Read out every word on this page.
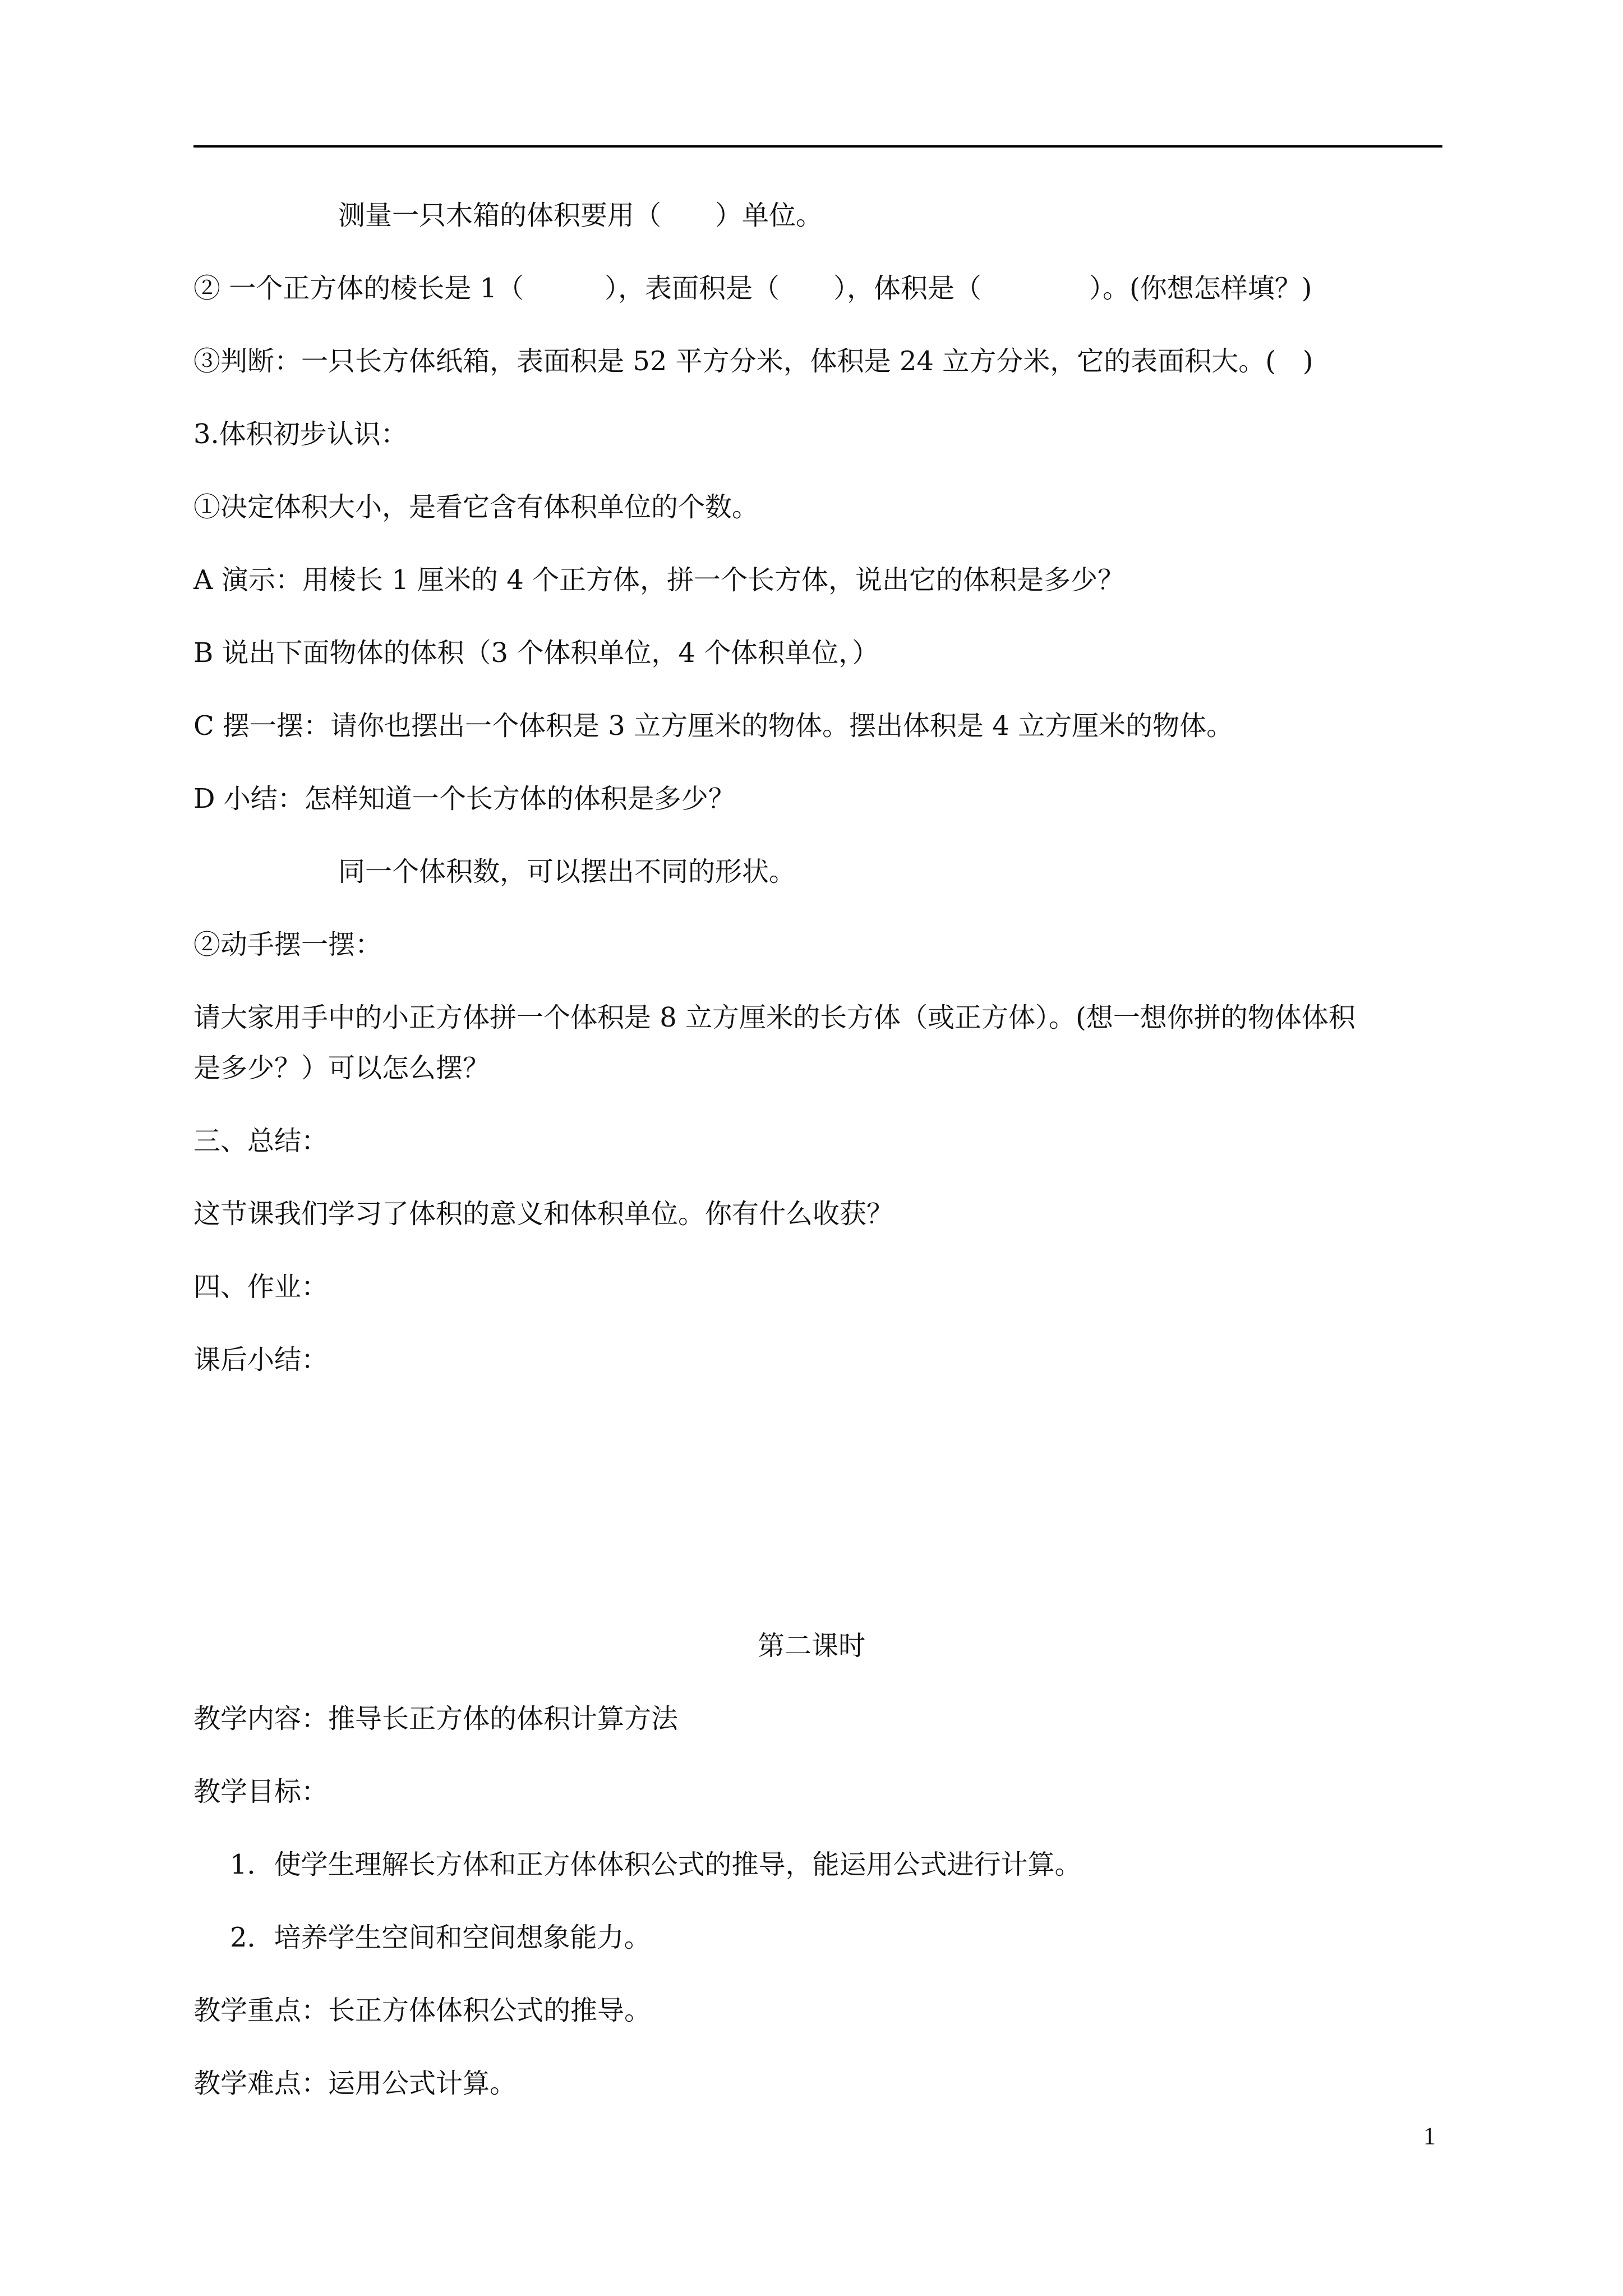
测量一只木箱的体积要用（　　）单位。
② 一个正方体的棱长是 1（　　　），表面积是（　　），体积是（　　　　）。(你想怎样填？)
③判断：一只长方体纸箱，表面积是 52 平方分米，体积是 24 立方分米，它的表面积大。(　)
3.体积初步认识：
①决定体积大小，是看它含有体积单位的个数。
A 演示：用棱长 1 厘米的 4 个正方体，拼一个长方体，说出它的体积是多少？
B 说出下面物体的体积（3 个体积单位，4 个体积单位，）
C 摆一摆：请你也摆出一个体积是 3 立方厘米的物体。摆出体积是 4 立方厘米的物体。
D 小结：怎样知道一个长方体的体积是多少？
同一个体积数，可以摆出不同的形状。
②动手摆一摆：
请大家用手中的小正方体拼一个体积是 8 立方厘米的长方体（或正方体）。(想一想你拼的物体体积
是多少？）可以怎么摆？
三、总结：
这节课我们学习了体积的意义和体积单位。你有什么收获？
四、作业：
课后小结：
第二课时
教学内容：推导长正方体的体积计算方法
教学目标：
1．使学生理解长方体和正方体体积公式的推导，能运用公式进行计算。
2．培养学生空间和空间想象能力。
教学重点：长正方体体积公式的推导。
教学难点：运用公式计算。
1
